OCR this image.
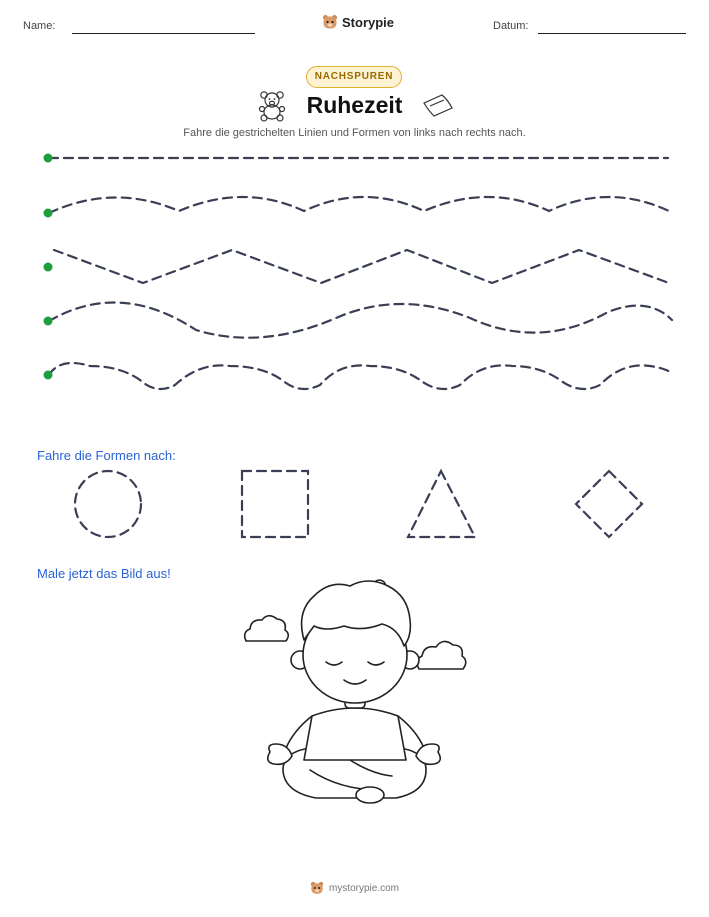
Name:	Storypie	Datum:
NACHSPUREN
Ruhezeit
Fahre die gestrichelten Linien und Formen von links nach rechts nach.
Fahre die Formen nach:
Male jetzt das Bild aus!
mystorypie.com
